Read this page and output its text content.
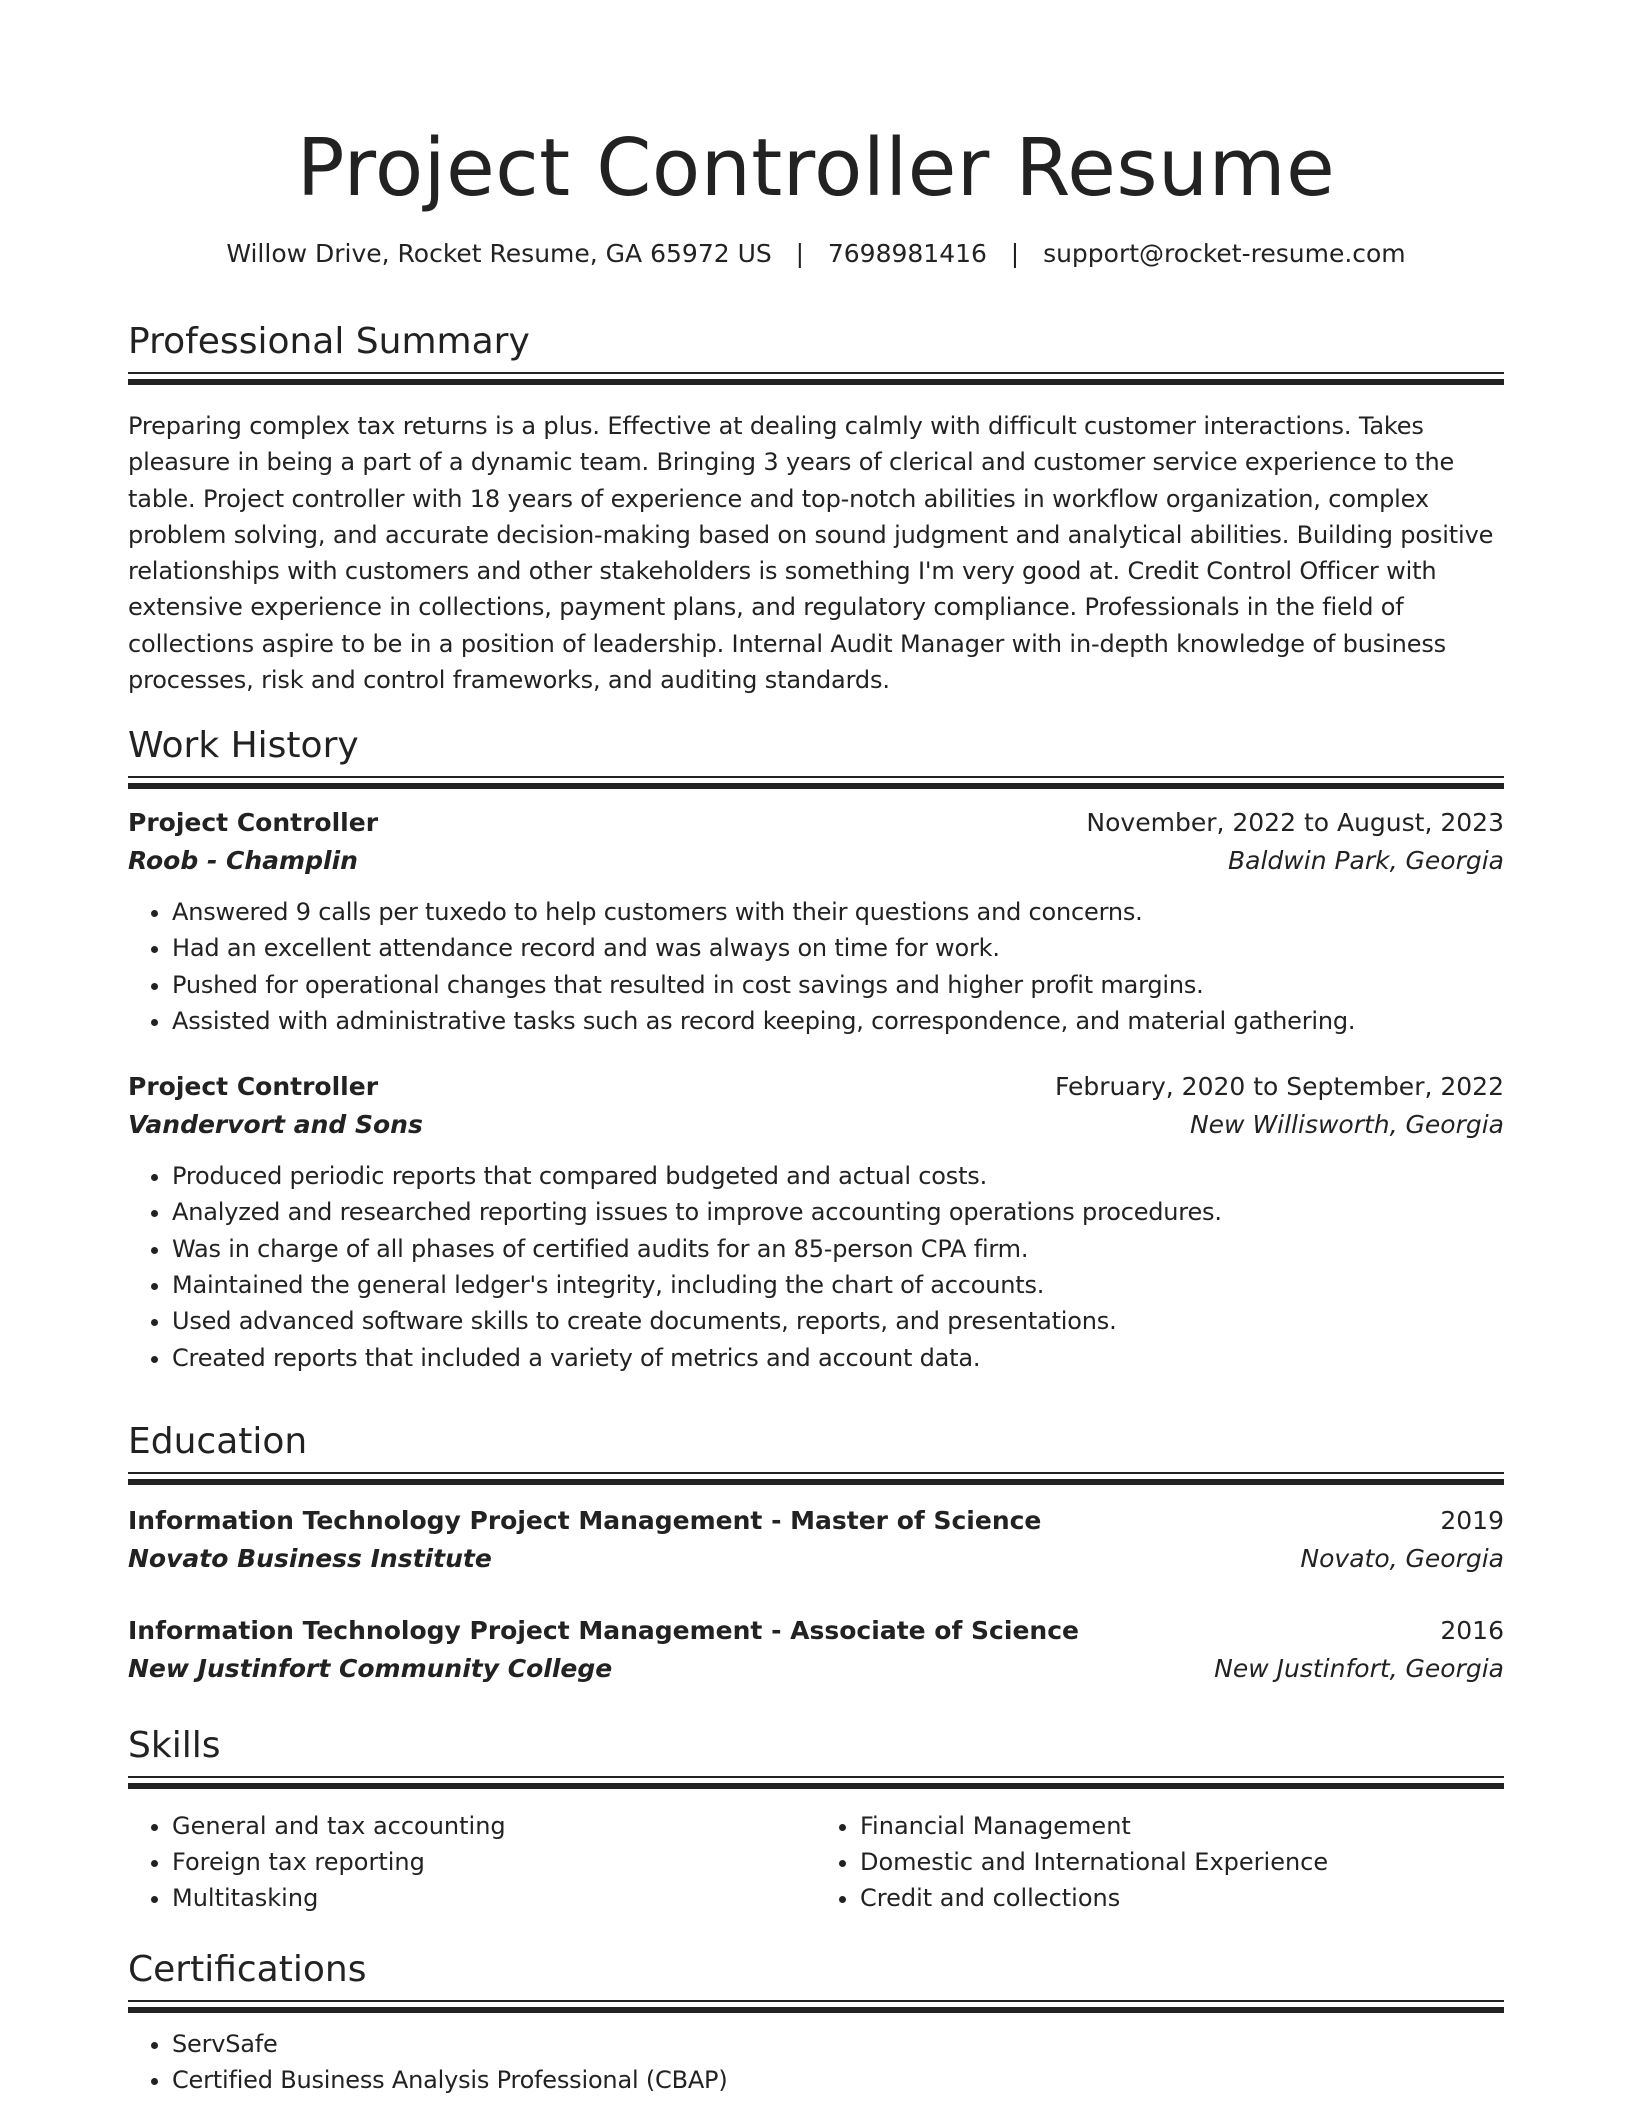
Project Controller Resume
Willow Drive, Rocket Resume, GA 65972 US | 7698981416 | support@rocket-resume.com
Professional Summary

Preparing complex tax returns is a plus. Effective at dealing calmly with difficult customer interactions. Takes pleasure in being a part of a dynamic team. Bringing 3 years of clerical and customer service experience to the table. Project controller with 18 years of experience and top-notch abilities in workflow organization, complex problem solving, and accurate decision-making based on sound judgment and analytical abilities. Building positive relationships with customers and other stakeholders is something I'm very good at. Credit Control Officer with extensive experience in collections, payment plans, and regulatory compliance. Professionals in the field of collections aspire to be in a position of leadership. Internal Audit Manager with in-depth knowledge of business processes, risk and control frameworks, and auditing standards.

Work History
Project Controller	November, 2022 to August, 2023
Roob - Champlin	Baldwin Park, Georgia
• Answered 9 calls per tuxedo to help customers with their questions and concerns.
• Had an excellent attendance record and was always on time for work.
• Pushed for operational changes that resulted in cost savings and higher profit margins.
• Assisted with administrative tasks such as record keeping, correspondence, and material gathering.
Project Controller	February, 2020 to September, 2022
Vandervort and Sons	New Willisworth, Georgia
• Produced periodic reports that compared budgeted and actual costs.
• Analyzed and researched reporting issues to improve accounting operations procedures.
• Was in charge of all phases of certified audits for an 85-person CPA firm.
• Maintained the general ledger's integrity, including the chart of accounts.
• Used advanced software skills to create documents, reports, and presentations.
• Created reports that included a variety of metrics and account data.
Education
Information Technology Project Management - Master of Science	2019
Novato Business Institute	Novato, Georgia
Information Technology Project Management - Associate of Science	2016
New Justinfort Community College	New Justinfort, Georgia
Skills
• General and tax accounting
• Foreign tax reporting
• Multitasking
• Financial Management
• Domestic and International Experience
• Credit and collections
Certifications
• ServSafe
• Certified Business Analysis Professional (CBAP)
